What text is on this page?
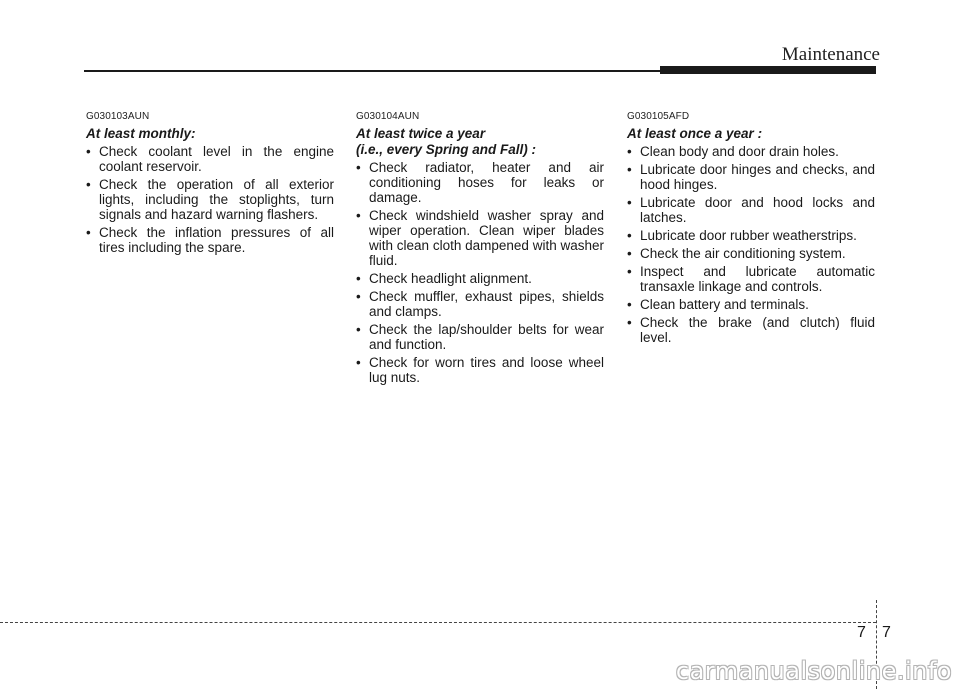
Maintenance

G030103AUN

At least monthly:

• Check coolant level in the engine coolant reservoir.
• Check the operation of all exterior lights, including the stoplights, turn signals and hazard warning flashers.
• Check the inflation pressures of all tires including the spare.

G030104AUN

At least twice a year
(i.e., every Spring and Fall) :

• Check radiator, heater and air conditioning hoses for leaks or damage.
• Check windshield washer spray and wiper operation. Clean wiper blades with clean cloth dampened with washer fluid.
• Check headlight alignment.
• Check muffler, exhaust pipes, shields and clamps.
• Check the lap/shoulder belts for wear and function.
• Check for worn tires and loose wheel lug nuts.

G030105AFD

At least once a year :

• Clean body and door drain holes.
• Lubricate door hinges and checks, and hood hinges.
• Lubricate door and hood locks and latches.
• Lubricate door rubber weatherstrips.
• Check the air conditioning system.
• Inspect and lubricate automatic transaxle linkage and controls.
• Clean battery and terminals.
• Check the brake (and clutch) fluid level.
7 7
carmanualsonline.info
